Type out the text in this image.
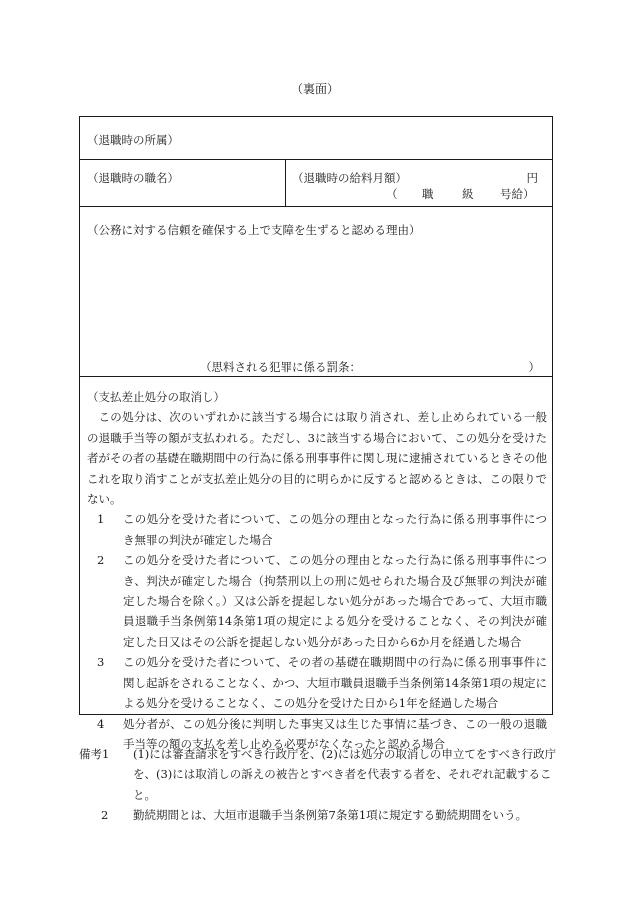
（裏面）
（退職時の所属）
（退職時の職名）	（退職時の給料月額）	円
（ 職 級 号給）
（公務に対する信頼を確保する上で支障を生ずると認める理由）
（思料される犯罪に係る罰条：	）
（支払差止処分の取消し）
この処分は、次のいずれかに該当する場合には取り消され、差し止められている一般の退職手当等の額が支払われる。ただし、3に該当する場合において、この処分を受けた者がその者の基礎在職期間中の行為に係る刑事事件に関し現に逮捕されているときその他これを取り消すことが支払差止処分の目的に明らかに反すると認めるときは、この限りでない。
1	この処分を受けた者について、この処分の理由となった行為に係る刑事事件につき無罪の判決が確定した場合
2	この処分を受けた者について、この処分の理由となった行為に係る刑事事件につき、判決が確定した場合（拘禁刑以上の刑に処せられた場合及び無罪の判決が確定した場合を除く。）又は公訴を提起しない処分があった場合であって、大垣市職員退職手当条例第14条第1項の規定による処分を受けることなく、その判決が確定した日又はその公訴を提起しない処分があった日から6か月を経過した場合
3	この処分を受けた者について、その者の基礎在職期間中の行為に係る刑事事件に関し起訴をされることなく、かつ、大垣市職員退職手当条例第14条第1項の規定による処分を受けることなく、この処分を受けた日から1年を経過した場合
4	処分者が、この処分後に判明した事実又は生じた事情に基づき、この一般の退職手当等の額の支払を差し止める必要がなくなったと認める場合
備考1	(1)には審査請求をすべき行政庁を、(2)には処分の取消しの申立てをすべき行政庁
を、(3)には取消しの訴えの被告とすべき者を代表する者を、それぞれ記載すること。
2	勤続期間とは、大垣市退職手当条例第7条第1項に規定する勤続期間をいう。
